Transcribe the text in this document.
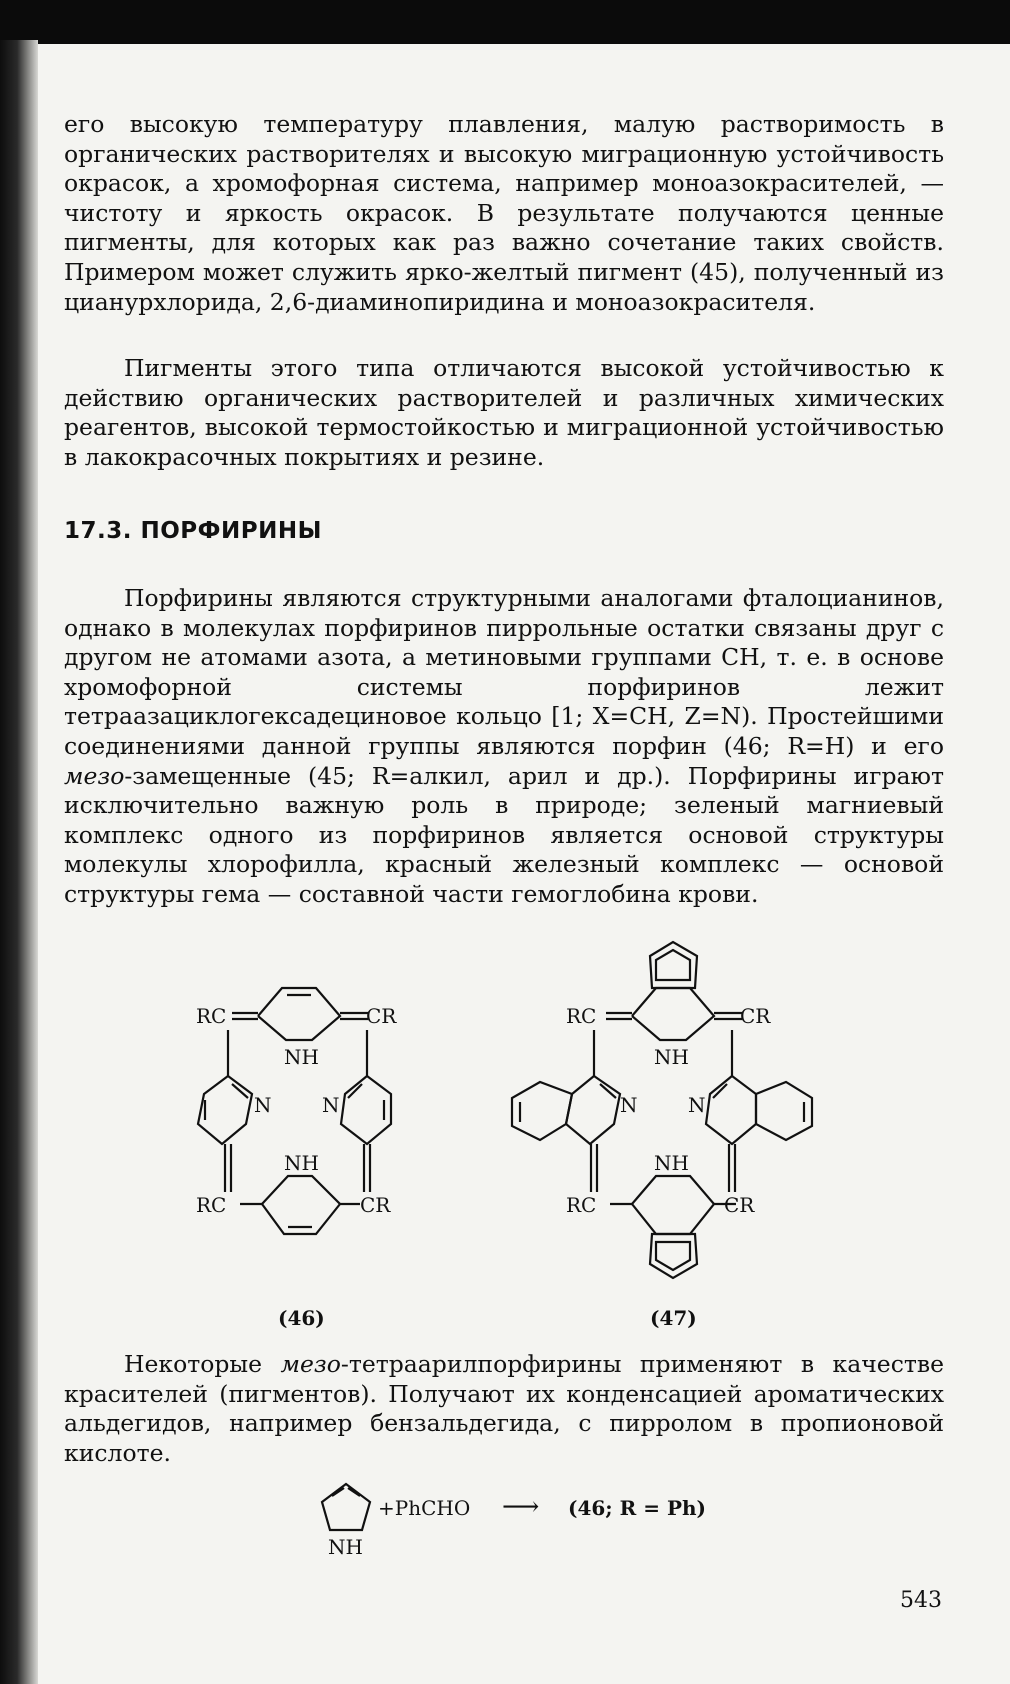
его высокую температуру плавления, малую растворимость в органических растворителях и высокую миграционную устойчивость окрасок, а хромофорная система, например моноазокрасителей, — чистоту и яркость окрасок. В результате получаются ценные пигменты, для которых как раз важно сочетание таких свойств. Примером может служить ярко-желтый пигмент (45), полученный из цианурхлорида, 2,6-диаминопиридина и моноазокрасителя.

Пигменты этого типа отличаются высокой устойчивостью к действию органических растворителей и различных химических реагентов, высокой термостойкостью и миграционной устойчивостью в лакокрасочных покрытиях и резине.

17.3. ПОРФИРИНЫ

Порфирины являются структурными аналогами фталоцианинов, однако в молекулах порфиринов пиррольные остатки связаны друг с другом не атомами азота, а метиновыми группами CH, т. е. в основе хромофорной системы порфиринов лежит тетраазациклогексадециновое кольцо [1; X=CH, Z=N). Простейшими соединениями данной группы являются порфин (46; R=H) и его мезо-замещенные (45; R=алкил, арил и др.). Порфирины играют исключительно важную роль в природе; зеленый магниевый комплекс одного из порфиринов является основой структуры молекулы хлорофилла, красный железный комплекс — основой структуры гема — составной части гемоглобина крови.

Некоторые мезо-тетраарилпорфирины применяют в качестве красителей (пигментов). Получают их конденсацией ароматических альдегидов, например бензальдегида, с пирролом в пропионовой кислоте.

RC	CR
NH
N	N
NH
RC	CR
RC	CR
NH
N	N
NH
RC	CR
NH
(46)	(47)
+PhCHO ⟶ (46; R = Ph)
543
